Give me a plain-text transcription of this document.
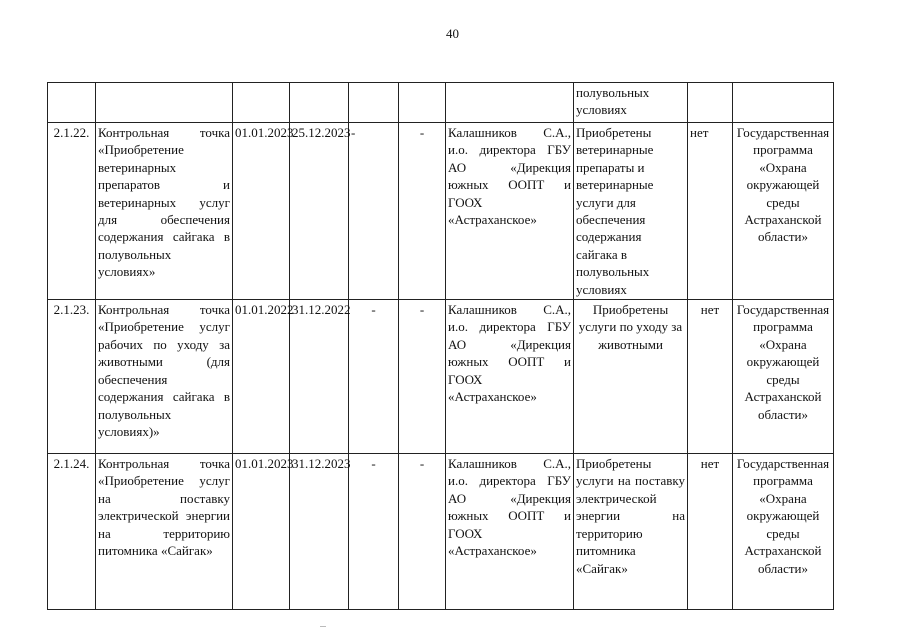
40
							полувольных условиях		
2.1.22.	Контрольная точка «Приобретение ветеринарных препаратов и ветеринарных услуг для обеспечения содержания сайгака в полувольных условиях»	01.01.2023	25.12.2023	-	-	Калашников С.А., и.о. директора ГБУ АО «Дирекция южных ООПТ и ГООХ «Астраханское»	Приобретены ветеринарные препараты и ветеринарные услуги для обеспечения содержания сайгака в полувольных условиях	нет	Государственная программа «Охрана окружающей среды Астраханской области»
2.1.23.	Контрольная точка «Приобретение услуг рабочих по уходу за животными (для обеспечения содержания сайгака в полувольных условиях)»	01.01.2022	31.12.2022	-	-	Калашников С.А., и.о. директора ГБУ АО «Дирекция южных ООПТ и ГООХ «Астраханское»	Приобретены услуги по уходу за животными	нет	Государственная программа «Охрана окружающей среды Астраханской области»
2.1.24.	Контрольная точка «Приобретение услуг на поставку электрической энергии на территорию питомника «Сайгак»	01.01.2023	31.12.2023	-	-	Калашников С.А., и.о. директора ГБУ АО «Дирекция южных ООПТ и ГООХ «Астраханское»	Приобретены услуги на поставку электрической энергии на территорию питомника «Сайгак»	нет	Государственная программа «Охрана окружающей среды Астраханской области»
